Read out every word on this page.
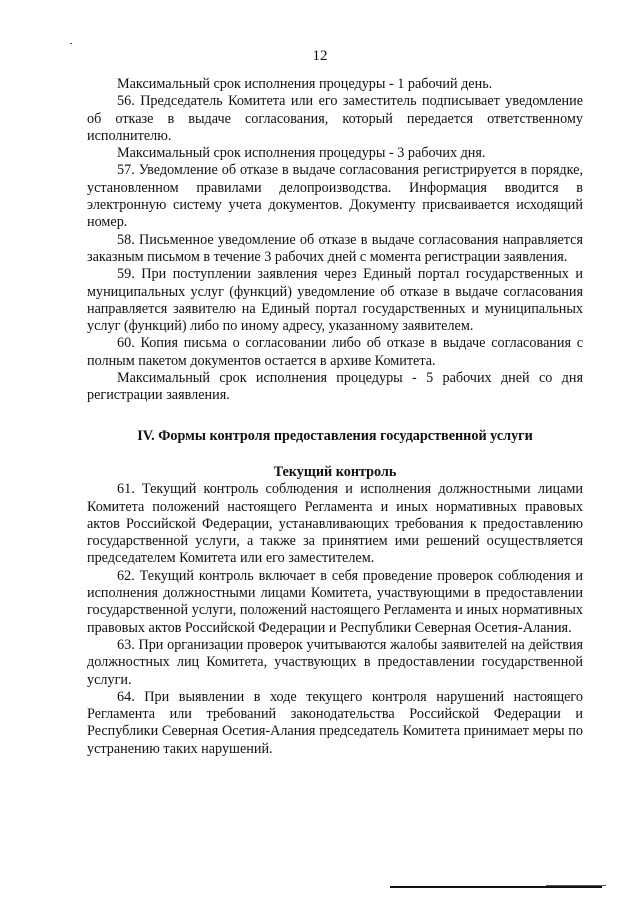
12

Максимальный срок исполнения процедуры - 1 рабочий день.

56. Председатель Комитета или его заместитель подписывает уведомление об отказе в выдаче согласования, который передается ответственному исполнителю.

Максимальный срок исполнения процедуры - 3 рабочих дня.

57. Уведомление об отказе в выдаче согласования регистрируется в порядке, установленном правилами делопроизводства. Информация вводится в электронную систему учета документов. Документу присваивается исходящий номер.

58. Письменное уведомление об отказе в выдаче согласования направляется заказным письмом в течение 3 рабочих дней с момента регистрации заявления.

59. При поступлении заявления через Единый портал государственных и муниципальных услуг (функций) уведомление об отказе в выдаче согласования направляется заявителю на Единый портал государственных и муниципальных услуг (функций) либо по иному адресу, указанному заявителем.

60. Копия письма о согласовании либо об отказе в выдаче согласования с полным пакетом документов остается в архиве Комитета.

Максимальный срок исполнения процедуры - 5 рабочих дней со дня регистрации заявления.

IV. Формы контроля предоставления государственной услуги
Текущий контроль

61. Текущий контроль соблюдения и исполнения должностными лицами Комитета положений настоящего Регламента и иных нормативных правовых актов Российской Федерации, устанавливающих требования к предоставлению государственной услуги, а также за принятием ими решений осуществляется председателем Комитета или его заместителем.

62. Текущий контроль включает в себя проведение проверок соблюдения и исполнения должностными лицами Комитета, участвующими в предоставлении государственной услуги, положений настоящего Регламента и иных нормативных правовых актов Российской Федерации и Республики Северная Осетия-Алания.

63. При организации проверок учитываются жалобы заявителей на действия должностных лиц Комитета, участвующих в предоставлении государственной услуги.

64. При выявлении в ходе текущего контроля нарушений настоящего Регламента или требований законодательства Российской Федерации и Республики Северная Осетия-Алания председатель Комитета принимает меры по устранению таких нарушений.
